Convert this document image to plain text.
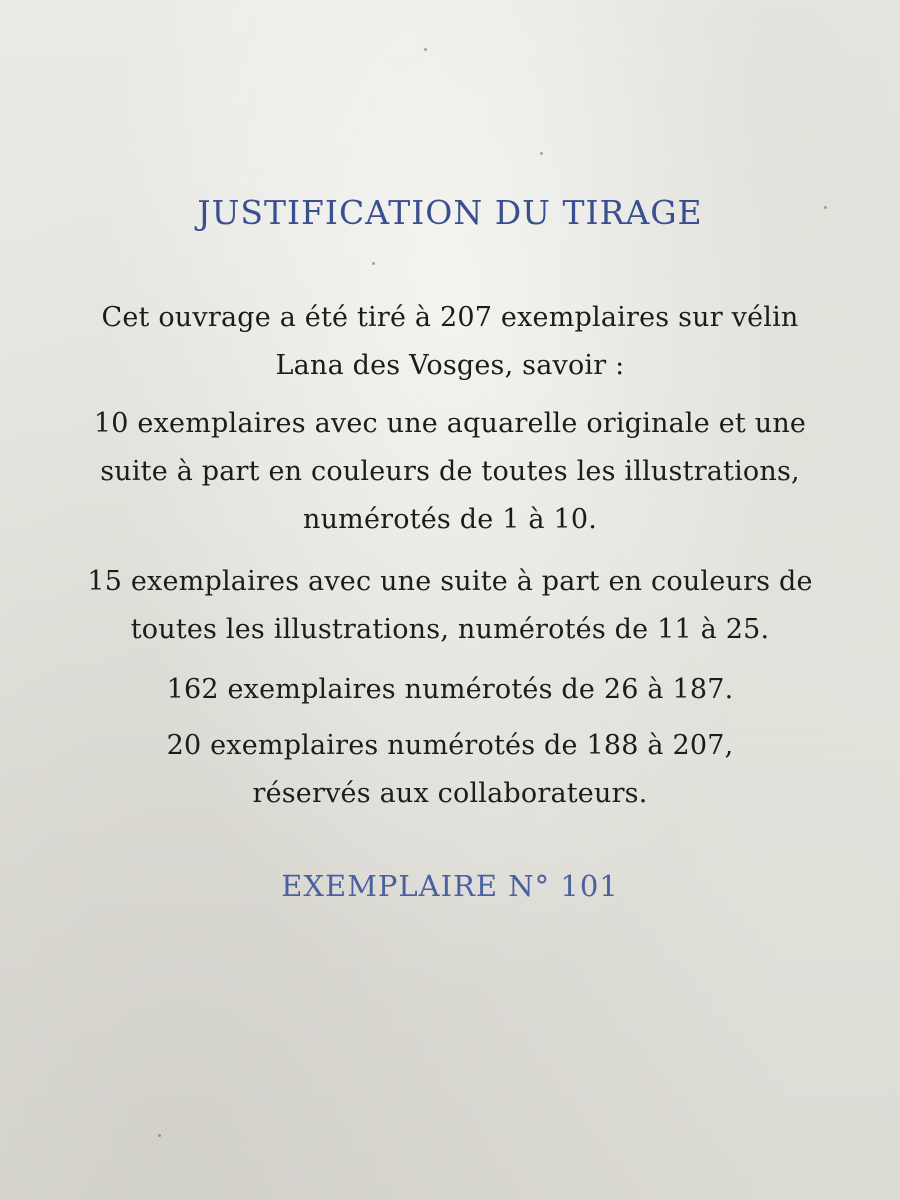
JUSTIFICATION DU TIRAGE
Cet ouvrage a été tiré à 207 exemplaires sur vélin
Lana des Vosges, savoir :
10 exemplaires avec une aquarelle originale et une
suite à part en couleurs de toutes les illustrations,
numérotés de 1 à 10.
15 exemplaires avec une suite à part en couleurs de
toutes les illustrations, numérotés de 11 à 25.
162 exemplaires numérotés de 26 à 187.
20 exemplaires numérotés de 188 à 207,
réservés aux collaborateurs.
EXEMPLAIRE N° 101
